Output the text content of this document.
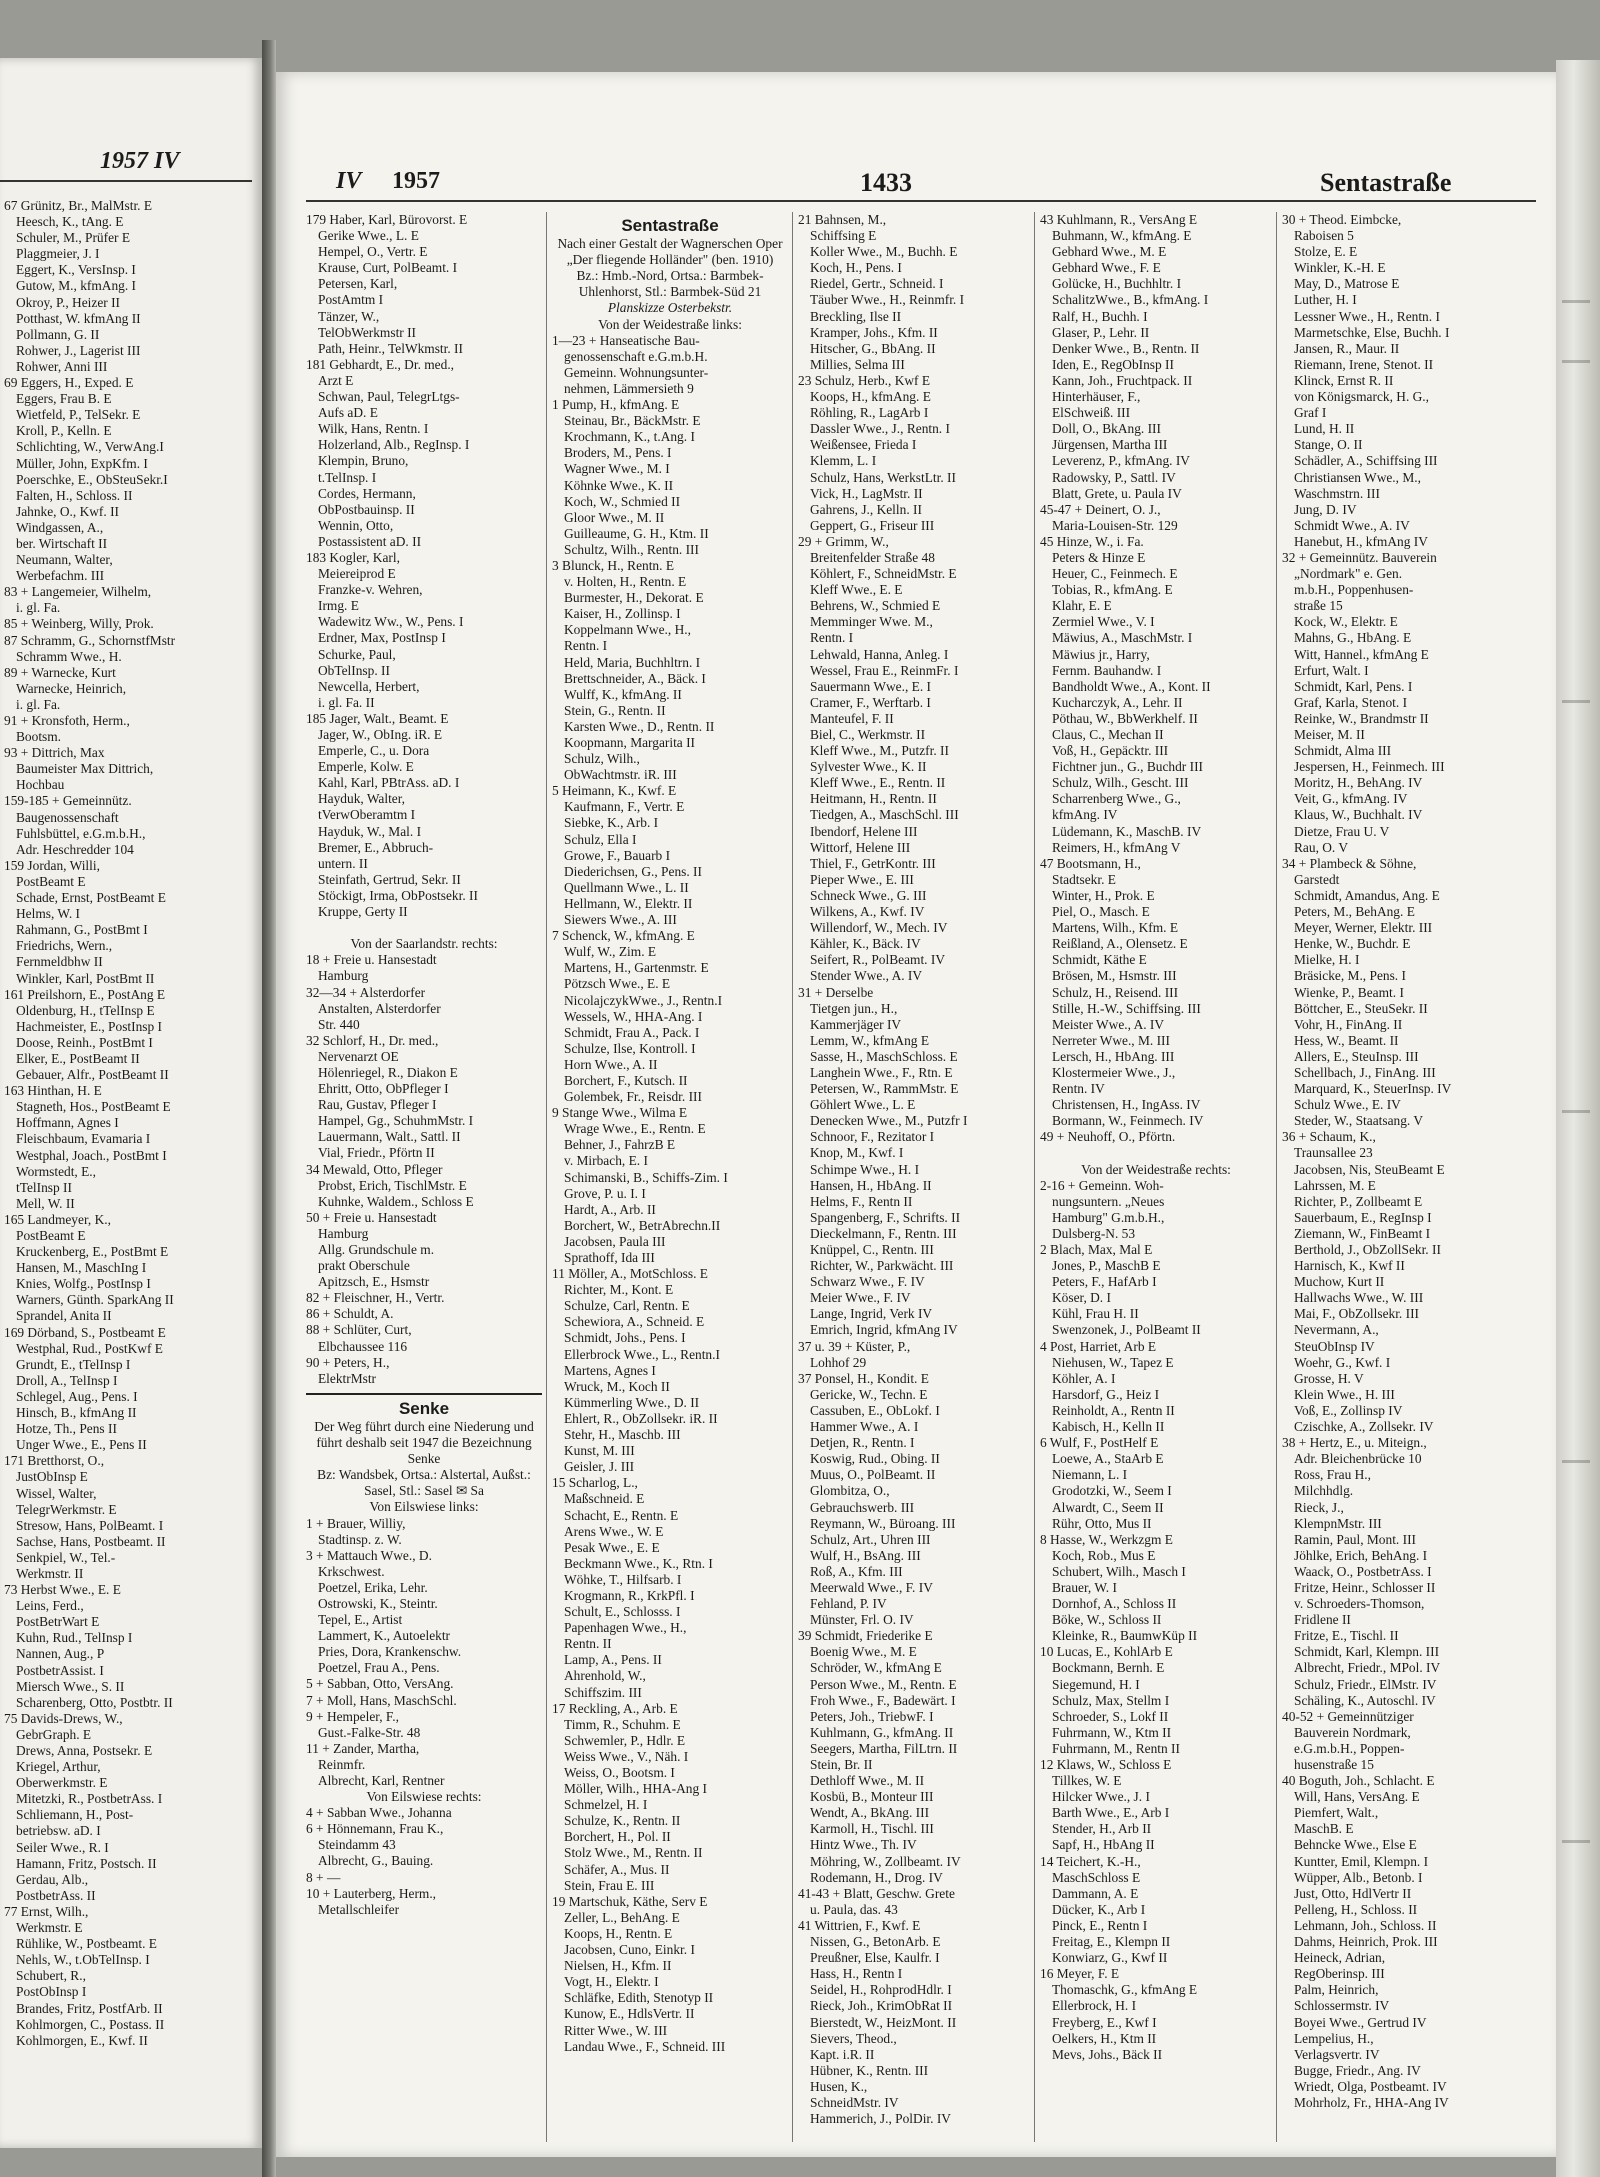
1957 IV
67 Grünitz, Br., MalMstr. E
Heesch, K., tAng. E
Schuler, M., Prüfer E
Plaggmeier, J. I
Eggert, K., VersInsp. I
Gutow, M., kfmAng. I
Okroy, P., Heizer II
Potthast, W. kfmAng II
Pollmann, G. II
Rohwer, J., Lagerist III
Rohwer, Anni III
69 Eggers, H., Exped. E
Eggers, Frau B. E
Wietfeld, P., TelSekr. E
Kroll, P., Kelln. E
Schlichting, W., VerwAng.I
Müller, John, ExpKfm. I
Poerschke, E., ObSteuSekr.I
Falten, H., Schloss. II
Jahnke, O., Kwf. II
Windgassen, A.,
ber. Wirtschaft II
Neumann, Walter,
Werbefachm. III
83 + Langemeier, Wilhelm,
i. gl. Fa.
85 + Weinberg, Willy, Prok.
87 Schramm, G., SchornstfMstr
Schramm Wwe., H.
89 + Warnecke, Kurt
Warnecke, Heinrich,
i. gl. Fa.
91 + Kronsfoth, Herm.,
Bootsm.
93 + Dittrich, Max
Baumeister Max Dittrich,
Hochbau
159-185 + Gemeinnütz.
Baugenossenschaft
Fuhlsbüttel, e.G.m.b.H.,
Adr. Heschredder 104
159 Jordan, Willi,
PostBeamt E
Schade, Ernst, PostBeamt E
Helms, W. I
Rahmann, G., PostBmt I
Friedrichs, Wern.,
Fernmeldbhw II
Winkler, Karl, PostBmt II
161 Preilshorn, E., PostAng E
Oldenburg, H., tTelInsp E
Hachmeister, E., PostInsp I
Doose, Reinh., PostBmt I
Elker, E., PostBeamt II
Gebauer, Alfr., PostBeamt II
163 Hinthan, H. E
Stagneth, Hos., PostBeamt E
Hoffmann, Agnes I
Fleischbaum, Evamaria I
Westphal, Joach., PostBmt I
Wormstedt, E.,
tTelInsp II
Mell, W. II
165 Landmeyer, K.,
PostBeamt E
Kruckenberg, E., PostBmt E
Hansen, M., MaschIng I
Knies, Wolfg., PostInsp I
Warners, Günth. SparkAng II
Sprandel, Anita II
169 Dörband, S., Postbeamt E
Westphal, Rud., PostKwf E
Grundt, E., tTelInsp I
Droll, A., TelInsp I
Schlegel, Aug., Pens. I
Hinsch, B., kfmAng II
Hotze, Th., Pens II
Unger Wwe., E., Pens II
171 Bretthorst, O.,
JustObInsp E
Wissel, Walter,
TelegrWerkmstr. E
Stresow, Hans, PolBeamt. I
Sachse, Hans, Postbeamt. II
Senkpiel, W., Tel.-
Werkmstr. II
73 Herbst Wwe., E. E
Leins, Ferd.,
PostBetrWart E
Kuhn, Rud., TelInsp I
Nannen, Aug., P
PostbetrAssist. I
Miersch Wwe., S. II
Scharenberg, Otto, Postbtr. II
75 Davids-Drews, W.,
GebrGraph. E
Drews, Anna, Postsekr. E
Kriegel, Arthur,
Oberwerkmstr. E
Mitetzki, R., PostbetrAss. I
Schliemann, H., Post-
betriebsw. aD. I
Seiler Wwe., R. I
Hamann, Fritz, Postsch. II
Gerdau, Alb.,
PostbetrAss. II
77 Ernst, Wilh.,
Werkmstr. E
Rühlike, W., Postbeamt. E
Nehls, W., t.ObTelInsp. I
Schubert, R.,
PostObInsp I
Brandes, Fritz, PostfArb. II
Kohlmorgen, C., Postass. II
Kohlmorgen, E., Kwf. II
IV 1957	1433	Sentastraße
179 Haber, Karl, Bürovorst. E
Gerike Wwe., L. E
Hempel, O., Vertr. E
Krause, Curt, PolBeamt. I
Petersen, Karl,
PostAmtm I
Tänzer, W.,
TelObWerkmstr II
Path, Heinr., TelWkmstr. II
181 Gebhardt, E., Dr. med.,
Arzt E
Schwan, Paul, TelegrLtgs-
Aufs aD. E
Wilk, Hans, Rentn. I
Holzerland, Alb., RegInsp. I
Klempin, Bruno,
t.TelInsp. I
Cordes, Hermann,
ObPostbauinsp. II
Wennin, Otto,
Postassistent aD. II
183 Kogler, Karl,
Meiereiprod E
Franzke-v. Wehren,
Irmg. E
Wadewitz Ww., W., Pens. I
Erdner, Max, PostInsp I
Schurke, Paul,
ObTelInsp. II
Newcella, Herbert,
i. gl. Fa. II
185 Jager, Walt., Beamt. E
Jager, W., ObIng. iR. E
Emperle, C., u. Dora
Emperle, Kolw. E
Kahl, Karl, PBtrAss. aD. I
Hayduk, Walter,
tVerwOberamtm I
Hayduk, W., Mal. I
Bremer, E., Abbruch-
untern. II
Steinfath, Gertrud, Sekr. II
Stöckigt, Irma, ObPostsekr. II
Kruppe, Gerty II

Von der Saarlandstr. rechts:
18 + Freie u. Hansestadt
Hamburg
32—34 + Alsterdorfer
Anstalten, Alsterdorfer
Str. 440
32 Schlorf, H., Dr. med.,
Nervenarzt OE
Hölenriegel, R., Diakon E
Ehritt, Otto, ObPfleger I
Rau, Gustav, Pfleger I
Hampel, Gg., SchuhmMstr. I
Lauermann, Walt., Sattl. II
Vial, Friedr., Pförtn II
34 Mewald, Otto, Pfleger
Probst, Erich, TischlMstr. E
Kuhnke, Waldem., Schloss E
50 + Freie u. Hansestadt
Hamburg
Allg. Grundschule m.
prakt Oberschule
Apitzsch, E., Hsmstr
82 + Fleischner, H., Vertr.
86 + Schuldt, A.
88 + Schlüter, Curt,
Elbchaussee 116
90 + Peters, H.,
ElektrMstr
Senke
Der Weg führt durch eine Niederung und führt deshalb seit 1947 die Bezeichnung Senke
Bz: Wandsbek, Ortsa.: Alstertal, Außst.: Sasel, Stl.: Sasel ✉ Sa
Von Eilswiese links:
1 + Brauer, Williy,
Stadtinsp. z. W.
3 + Mattauch Wwe., D.
Krkschwest.
Poetzel, Erika, Lehr.
Ostrowski, K., Steintr.
Tepel, E., Artist
Lammert, K., Autoelektr
Pries, Dora, Krankenschw.
Poetzel, Frau A., Pens.
5 + Sabban, Otto, VersAng.
7 + Moll, Hans, MaschSchl.
9 + Hempeler, F.,
Gust.-Falke-Str. 48
11 + Zander, Martha,
Reinmfr.
Albrecht, Karl, Rentner
Von Eilswiese rechts:
4 + Sabban Wwe., Johanna
6 + Hönnemann, Frau K.,
Steindamm 43
Albrecht, G., Bauing.
8 + —
10 + Lauterberg, Herm.,
Metallschleifer
Sentastraße
Nach einer Gestalt der Wagnerschen Oper „Der fliegende Holländer" (ben. 1910)
Bz.: Hmb.-Nord, Ortsa.: Barmbek-Uhlenhorst, Stl.: Barmbek-Süd 21
Planskizze Osterbekstr.
Von der Weidestraße links:
1—23 + Hanseatische Bau-
genossenschaft e.G.m.b.H.
Gemeinn. Wohnungsunter-
nehmen, Lämmersieth 9
1 Pump, H., kfmAng. E
Steinau, Br., BäckMstr. E
Krochmann, K., t.Ang. I
Broders, M., Pens. I
Wagner Wwe., M. I
Köhnke Wwe., K. II
Koch, W., Schmied II
Gloor Wwe., M. II
Guilleaume, G. H., Ktm. II
Schultz, Wilh., Rentn. III
3 Blunck, H., Rentn. E
v. Holten, H., Rentn. E
Burmester, H., Dekorat. E
Kaiser, H., Zollinsp. I
Koppelmann Wwe., H.,
Rentn. I
Held, Maria, Buchhltrn. I
Brettschneider, A., Bäck. I
Wulff, K., kfmAng. II
Stein, G., Rentn. II
Karsten Wwe., D., Rentn. II
Koopmann, Margarita II
Schulz, Wilh.,
ObWachtmstr. iR. III
5 Heimann, K., Kwf. E
Kaufmann, F., Vertr. E
Siebke, K., Arb. I
Schulz, Ella I
Growe, F., Bauarb I
Diederichsen, G., Pens. II
Quellmann Wwe., L. II
Hellmann, W., Elektr. II
Siewers Wwe., A. III
7 Schenck, W., kfmAng. E
Wulf, W., Zim. E
Martens, H., Gartenmstr. E
Pötzsch Wwe., E. E
NicolajczykWwe., J., Rentn.I
Wessels, W., HHA-Ang. I
Schmidt, Frau A., Pack. I
Schulze, Ilse, Kontroll. I
Horn Wwe., A. II
Borchert, F., Kutsch. II
Golembek, Fr., Reisdr. III
9 Stange Wwe., Wilma E
Wrage Wwe., E., Rentn. E
Behner, J., FahrzB E
v. Mirbach, E. I
Schimanski, B., Schiffs-Zim. I
Grove, P. u. I. I
Hardt, A., Arb. II
Borchert, W., BetrAbrechn.II
Jacobsen, Paula III
Sprathoff, Ida III
11 Möller, A., MotSchloss. E
Richter, M., Kont. E
Schulze, Carl, Rentn. E
Schewiora, A., Schneid. E
Schmidt, Johs., Pens. I
Ellerbrock Wwe., L., Rentn.I
Martens, Agnes I
Wruck, M., Koch II
Kümmerling Wwe., D. II
Ehlert, R., ObZollsekr. iR. II
Stehr, H., Maschb. III
Kunst, M. III
Geisler, J. III
15 Scharlog, L.,
Maßschneid. E
Schacht, E., Rentn. E
Arens Wwe., W. E
Pesak Wwe., E. E
Beckmann Wwe., K., Rtn. I
Wöhke, T., Hilfsarb. I
Krogmann, R., KrkPfl. I
Schult, E., Schlosss. I
Papenhagen Wwe., H.,
Rentn. II
Lamp, A., Pens. II
Ahrenhold, W.,
Schiffszim. III
17 Reckling, A., Arb. E
Timm, R., Schuhm. E
Schwemler, P., Hdlr. E
Weiss Wwe., V., Näh. I
Weiss, O., Bootsm. I
Möller, Wilh., HHA-Ang I
Schmelzel, H. I
Schulze, K., Rentn. II
Borchert, H., Pol. II
Stolz Wwe., M., Rentn. II
Schäfer, A., Mus. II
Stein, Frau E. III
19 Martschuk, Käthe, Serv E
Zeller, L., BehAng. E
Koops, H., Rentn. E
Jacobsen, Cuno, Einkr. I
Nielsen, H., Kfm. II
Vogt, H., Elektr. I
Schläfke, Edith, Stenotyp II
Kunow, E., HdlsVertr. II
Ritter Wwe., W. III
Landau Wwe., F., Schneid. III
21 Bahnsen, M.,
Schiffsing E
Koller Wwe., M., Buchh. E
Koch, H., Pens. I
Riedel, Gertr., Schneid. I
Täuber Wwe., H., Reinmfr. I
Breckling, Ilse II
Kramper, Johs., Kfm. II
Hitscher, G., BbAng. II
Millies, Selma III
23 Schulz, Herb., Kwf E
Koops, H., kfmAng. E
Röhling, R., LagArb I
Dassler Wwe., J., Rentn. I
Weißensee, Frieda I
Klemm, L. I
Schulz, Hans, WerkstLtr. II
Vick, H., LagMstr. II
Gahrens, J., Kelln. II
Geppert, G., Friseur III
29 + Grimm, W.,
Breitenfelder Straße 48
Köhlert, F., SchneidMstr. E
Kleff Wwe., E. E
Behrens, W., Schmied E
Memminger Wwe. M.,
Rentn. I
Lehwald, Hanna, Anleg. I
Wessel, Frau E., ReinmFr. I
Sauermann Wwe., E. I
Cramer, F., Werftarb. I
Manteufel, F. II
Biel, C., Werkmstr. II
Kleff Wwe., M., Putzfr. II
Sylvester Wwe., K. II
Kleff Wwe., E., Rentn. II
Heitmann, H., Rentn. II
Tiedgen, A., MaschSchl. III
Ibendorf, Helene III
Wittorf, Helene III
Thiel, F., GetrKontr. III
Pieper Wwe., E. III
Schneck Wwe., G. III
Wilkens, A., Kwf. IV
Willendorf, W., Mech. IV
Kähler, K., Bäck. IV
Seifert, R., PolBeamt. IV
Stender Wwe., A. IV
31 + Derselbe
Tietgen jun., H.,
Kammerjäger IV
Lemm, W., kfmAng E
Sasse, H., MaschSchloss. E
Langhein Wwe., F., Rtn. E
Petersen, W., RammMstr. E
Göhlert Wwe., L. E
Denecken Wwe., M., Putzfr I
Schnoor, F., Rezitator I
Knop, M., Kwf. I
Schimpe Wwe., H. I
Hansen, H., HbAng. II
Helms, F., Rentn II
Spangenberg, F., Schrifts. II
Dieckelmann, F., Rentn. III
Knüppel, C., Rentn. III
Richter, W., Parkwächt. III
Schwarz Wwe., F. IV
Meier Wwe., F. IV
Lange, Ingrid, Verk IV
Emrich, Ingrid, kfmAng IV
37 u. 39 + Küster, P.,
Lohhof 29
37 Ponsel, H., Kondit. E
Gericke, W., Techn. E
Cassuben, E., ObLokf. I
Hammer Wwe., A. I
Detjen, R., Rentn. I
Koswig, Rud., Obing. II
Muus, O., PolBeamt. II
Glombitza, O.,
Gebrauchswerb. III
Reymann, W., Büroang. III
Schulz, Art., Uhren III
Wulf, H., BsAng. III
Roß, A., Kfm. III
Meerwald Wwe., F. IV
Fehland, P. IV
Münster, Frl. O. IV
39 Schmidt, Friederike E
Boenig Wwe., M. E
Schröder, W., kfmAng E
Person Wwe., M., Rentn. E
Froh Wwe., F., Badewärt. I
Peters, Joh., TriebwF. I
Kuhlmann, G., kfmAng. II
Seegers, Martha, FilLtrn. II
Stein, Br. II
Dethloff Wwe., M. II
Kosbü, B., Monteur III
Wendt, A., BkAng. III
Karmoll, H., Tischl. III
Hintz Wwe., Th. IV
Möhring, W., Zollbeamt. IV
Rodemann, H., Drog. IV
41-43 + Blatt, Geschw. Grete
u. Paula, das. 43
41 Wittrien, F., Kwf. E
Nissen, G., BetonArb. E
Preußner, Else, Kaulfr. I
Hass, H., Rentn I
Seidel, H., RohprodHdlr. I
Rieck, Joh., KrimObRat II
Bierstedt, W., HeizMont. II
Sievers, Theod.,
Kapt. i.R. II
Hübner, K., Rentn. III
Husen, K.,
SchneidMstr. IV
Hammerich, J., PolDir. IV
43 Kuhlmann, R., VersAng E
Buhmann, W., kfmAng. E
Gebhard Wwe., M. E
Gebhard Wwe., F. E
Golücke, H., Buchhltr. I
SchalitzWwe., B., kfmAng. I
Ralf, H., Buchh. I
Glaser, P., Lehr. II
Denker Wwe., B., Rentn. II
Iden, E., RegObInsp II
Kann, Joh., Fruchtpack. II
Hinterhäuser, F.,
ElSchweiß. III
Doll, O., BkAng. III
Jürgensen, Martha III
Leverenz, P., kfmAng. IV
Radowsky, P., Sattl. IV
Blatt, Grete, u. Paula IV
45-47 + Deinert, O. J.,
Maria-Louisen-Str. 129
45 Hinze, W., i. Fa.
Peters & Hinze E
Heuer, C., Feinmech. E
Tobias, R., kfmAng. E
Klahr, E. E
Zermiel Wwe., V. I
Mäwius, A., MaschMstr. I
Mäwius jr., Harry,
Fernm. Bauhandw. I
Bandholdt Wwe., A., Kont. II
Kucharczyk, A., Lehr. II
Pöthau, W., BbWerkhelf. II
Claus, C., Mechan II
Voß, H., Gepäcktr. III
Fichtner jun., G., Buchdr III
Schulz, Wilh., Gescht. III
Scharrenberg Wwe., G.,
kfmAng. IV
Lüdemann, K., MaschB. IV
Reimers, H., kfmAng V
47 Bootsmann, H.,
Stadtsekr. E
Winter, H., Prok. E
Piel, O., Masch. E
Martens, Wilh., Kfm. E
Reißland, A., Olensetz. E
Schmidt, Käthe E
Brösen, M., Hsmstr. III
Schulz, H., Reisend. III
Stille, H.-W., Schiffsing. III
Meister Wwe., A. IV
Nerreter Wwe., M. III
Lersch, H., HbAng. III
Klostermeier Wwe., J.,
Rentn. IV
Christensen, H., IngAss. IV
Bormann, W., Feinmech. IV
49 + Neuhoff, O., Pförtn.

Von der Weidestraße rechts:
2-16 + Gemeinn. Woh-
nungsuntern. „Neues
Hamburg" G.m.b.H.,
Dulsberg-N. 53
2 Blach, Max, Mal E
Jones, P., MaschB E
Peters, F., HafArb I
Köser, D. I
Kühl, Frau H. II
Swenzonek, J., PolBeamt II
4 Post, Harriet, Arb E
Niehusen, W., Tapez E
Köhler, A. I
Harsdorf, G., Heiz I
Reinholdt, A., Rentn II
Kabisch, H., Kelln II
6 Wulf, F., PostHelf E
Loewe, A., StaArb E
Niemann, L. I
Grodotzki, W., Seem I
Alwardt, C., Seem II
Rühr, Otto, Mus II
8 Hasse, W., Werkzgm E
Koch, Rob., Mus E
Schubert, Wilh., Masch I
Brauer, W. I
Dornhof, A., Schloss II
Böke, W., Schloss II
Kleinke, R., BaumwKüp II
10 Lucas, E., KohlArb E
Bockmann, Bernh. E
Siegemund, H. I
Schulz, Max, Stellm I
Schroeder, S., Lokf II
Fuhrmann, W., Ktm II
Fuhrmann, M., Rentn II
12 Klaws, W., Schloss E
Tillkes, W. E
Hilcker Wwe., J. I
Barth Wwe., E., Arb I
Stender, H., Arb II
Sapf, H., HbAng II
14 Teichert, K.-H.,
MaschSchloss E
Dammann, A. E
Dücker, K., Arb I
Pinck, E., Rentn I
Freitag, E., Klempn II
Konwiarz, G., Kwf II
16 Meyer, F. E
Thomaschk, G., kfmAng E
Ellerbrock, H. I
Freyberg, E., Kwf I
Oelkers, H., Ktm II
Mevs, Johs., Bäck II
30 + Theod. Eimbcke,
Raboisen 5
Stolze, E. E
Winkler, K.-H. E
May, D., Matrose E
Luther, H. I
Lessner Wwe., H., Rentn. I
Marmetschke, Else, Buchh. I
Jansen, R., Maur. II
Riemann, Irene, Stenot. II
Klinck, Ernst R. II
von Königsmarck, H. G.,
Graf I
Lund, H. II
Stange, O. II
Schädler, A., Schiffsing III
Christiansen Wwe., M.,
Waschmstrn. III
Jung, D. IV
Schmidt Wwe., A. IV
Hanebut, H., kfmAng IV
32 + Gemeinnütz. Bauverein
„Nordmark" e. Gen.
m.b.H., Poppenhusen-
straße 15
Kock, W., Elektr. E
Mahns, G., HbAng. E
Witt, Hannel., kfmAng E
Erfurt, Walt. I
Schmidt, Karl, Pens. I
Graf, Karla, Stenot. I
Reinke, W., Brandmstr II
Meiser, M. II
Schmidt, Alma III
Jespersen, H., Feinmech. III
Moritz, H., BehAng. IV
Veit, G., kfmAng. IV
Klaus, W., Buchhalt. IV
Dietze, Frau U. V
Rau, O. V
34 + Plambeck & Söhne,
Garstedt
Schmidt, Amandus, Ang. E
Peters, M., BehAng. E
Meyer, Werner, Elektr. III
Henke, W., Buchdr. E
Mielke, H. I
Bräsicke, M., Pens. I
Wienke, P., Beamt. I
Böttcher, E., SteuSekr. II
Vohr, H., FinAng. II
Hess, W., Beamt. II
Allers, E., SteuInsp. III
Schellbach, J., FinAng. III
Marquard, K., SteuerInsp. IV
Schulz Wwe., E. IV
Steder, W., Staatsang. V
36 + Schaum, K.,
Traunsallee 23
Jacobsen, Nis, SteuBeamt E
Lahrssen, M. E
Richter, P., Zollbeamt E
Sauerbaum, E., RegInsp I
Ziemann, W., FinBeamt I
Berthold, J., ObZollSekr. II
Harnisch, K., Kwf II
Muchow, Kurt II
Hallwachs Wwe., W. III
Mai, F., ObZollsekr. III
Nevermann, A.,
SteuObInsp IV
Woehr, G., Kwf. I
Grosse, H. V
Klein Wwe., H. III
Voß, E., Zollinsp IV
Czischke, A., Zollsekr. IV
38 + Hertz, E., u. Miteign.,
Adr. Bleichenbrücke 10
Ross, Frau H.,
Milchhdlg.
Rieck, J.,
KlempnMstr. III
Ramin, Paul, Mont. III
Jöhlke, Erich, BehAng. I
Waack, O., PostbetrAss. I
Fritze, Heinr., Schlosser II
v. Schroeders-Thomson,
Fridlene II
Fritze, E., Tischl. II
Schmidt, Karl, Klempn. III
Albrecht, Friedr., MPol. IV
Schulz, Friedr., ElMstr. IV
Schäling, K., Autoschl. IV
40-52 + Gemeinnütziger
Bauverein Nordmark,
e.G.m.b.H., Poppen-
husenstraße 15
40 Boguth, Joh., Schlacht. E
Will, Hans, VersAng. E
Piemfert, Walt.,
MaschB. E
Behncke Wwe., Else E
Kuntter, Emil, Klempn. I
Wüpper, Alb., Betonb. I
Just, Otto, HdlVertr II
Pelleng, H., Schloss. II
Lehmann, Joh., Schloss. II
Dahms, Heinrich, Prok. III
Heineck, Adrian,
RegOberinsp. III
Palm, Heinrich,
Schlossermstr. IV
Boyei Wwe., Gertrud IV
Lempelius, H.,
Verlagsvertr. IV
Bugge, Friedr., Ang. IV
Wriedt, Olga, Postbeamt. IV
Mohrholz, Fr., HHA-Ang IV
